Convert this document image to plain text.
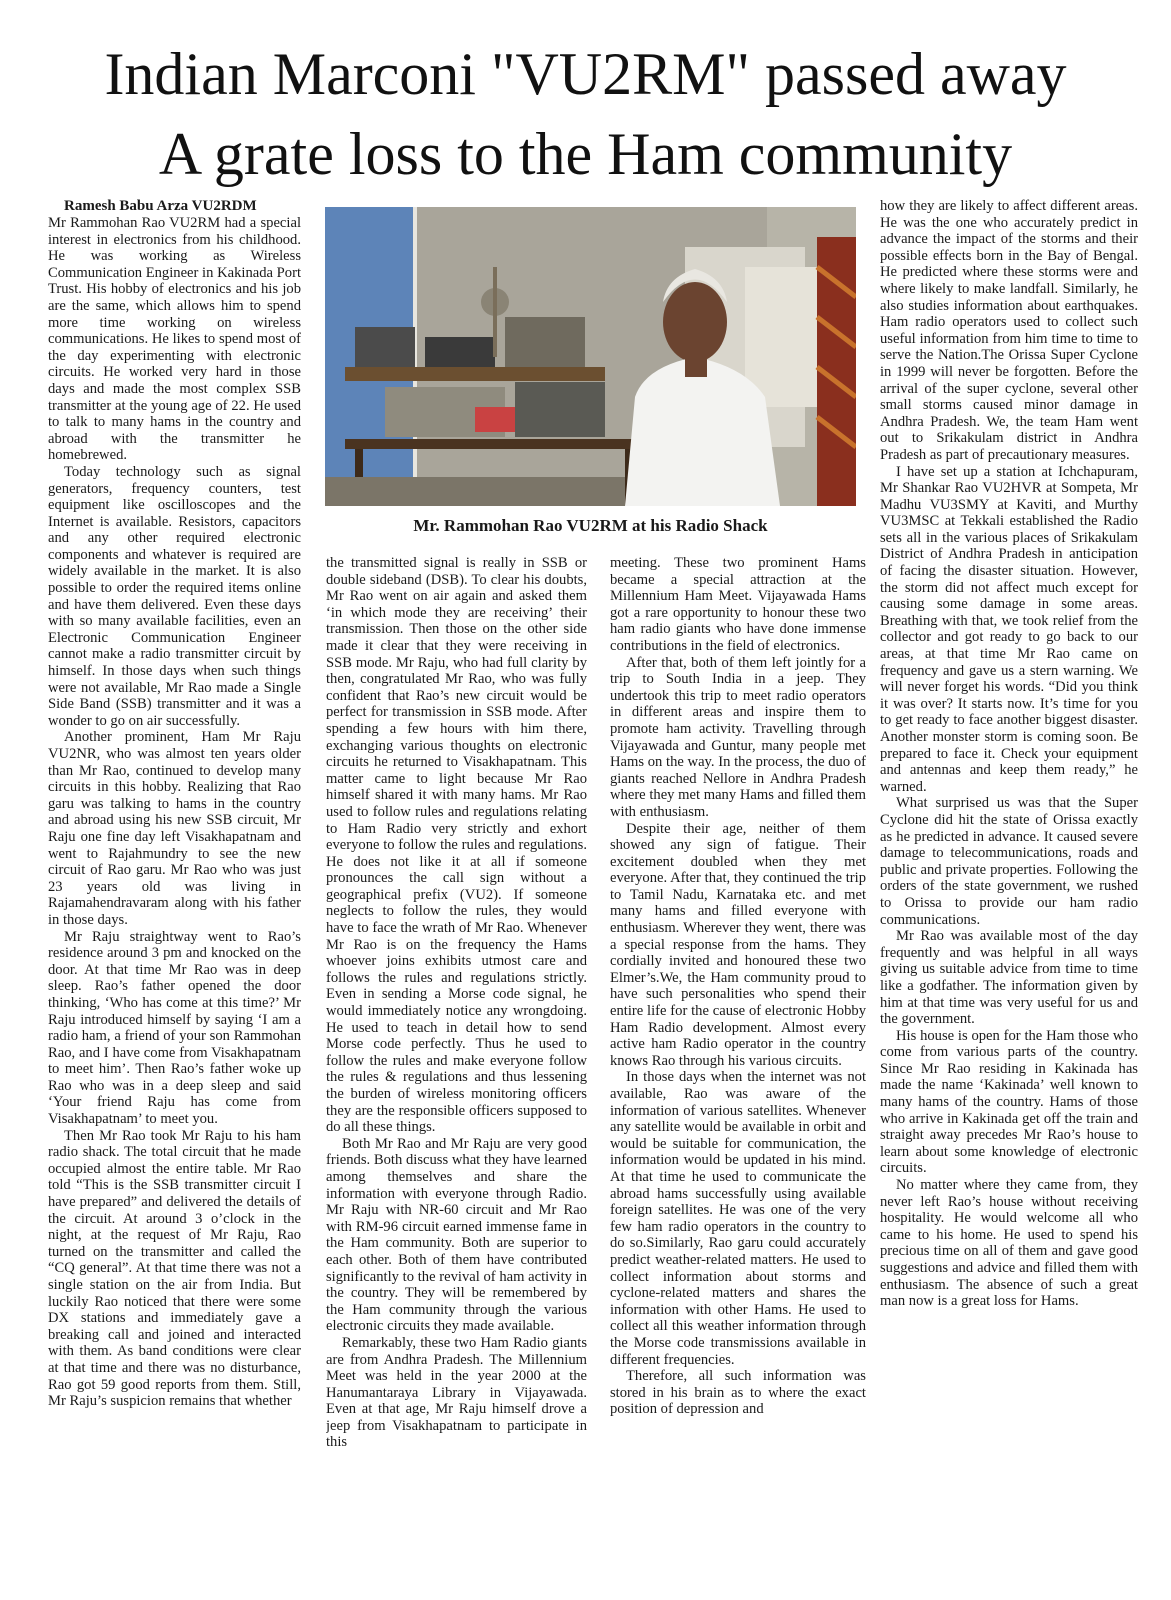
Indian Marconi "VU2RM" passed away
A grate loss to the Ham community

Ramesh Babu Arza VU2RDM

Mr Rammohan Rao VU2RM had a special interest in electronics from his childhood. He was working as Wireless Communication Engineer in Kakinada Port Trust. His hobby of electronics and his job are the same, which allows him to spend more time working on wireless communications. He likes to spend most of the day experimenting with electronic circuits. He worked very hard in those days and made the most complex SSB transmitter at the young age of 22. He used to talk to many hams in the country and abroad with the transmitter he homebrewed.

Today technology such as signal generators, frequency counters, test equipment like oscilloscopes and the Internet is available. Resistors, capacitors and any other required electronic components and whatever is required are widely available in the market. It is also possible to order the required items online and have them delivered. Even these days with so many available facilities, even an Electronic Communication Engineer cannot make a radio transmitter circuit by himself. In those days when such things were not available, Mr Rao made a Single Side Band (SSB) transmitter and it was a wonder to go on air successfully.

Another prominent, Ham Mr Raju VU2NR, who was almost ten years older than Mr Rao, continued to develop many circuits in this hobby. Realizing that Rao garu was talking to hams in the country and abroad using his new SSB circuit, Mr Raju one fine day left Visakhapatnam and went to Rajahmundry to see the new circuit of Rao garu. Mr Rao who was just 23 years old was living in Rajamahendravaram along with his father in those days.

Mr Raju straightway went to Rao’s residence around 3 pm and knocked on the door. At that time Mr Rao was in deep sleep. Rao’s father opened the door thinking, ‘Who has come at this time?’ Mr Raju introduced himself by saying ‘I am a radio ham, a friend of your son Rammohan Rao, and I have come from Visakhapatnam to meet him’. Then Rao’s father woke up Rao who was in a deep sleep and said ‘Your friend Raju has come from Visakhapatnam’ to meet you.

Then Mr Rao took Mr Raju to his ham radio shack. The total circuit that he made occupied almost the entire table. Mr Rao told “This is the SSB transmitter circuit I have prepared” and delivered the details of the circuit. At around 3 o’clock in the night, at the request of Mr Raju, Rao turned on the transmitter and called the “CQ general”. At that time there was not a single station on the air from India. But luckily Rao noticed that there were some DX stations and immediately gave a breaking call and joined and interacted with them. As band conditions were clear at that time and there was no disturbance, Rao got 59 good reports from them. Still, Mr Raju’s suspicion remains that whether

Mr. Rammohan Rao VU2RM at his Radio Shack

the transmitted signal is really in SSB or double sideband (DSB). To clear his doubts, Mr Rao went on air again and asked them ‘in which mode they are receiving’ their transmission. Then those on the other side made it clear that they were receiving in SSB mode. Mr Raju, who had full clarity by then, congratulated Mr Rao, who was fully confident that Rao’s new circuit would be perfect for transmission in SSB mode. After spending a few hours with him there, exchanging various thoughts on electronic circuits he returned to Visakhapatnam. This matter came to light because Mr Rao himself shared it with many hams. Mr Rao used to follow rules and regulations relating to Ham Radio very strictly and exhort everyone to follow the rules and regulations. He does not like it at all if someone pronounces the call sign without a geographical prefix (VU2). If someone neglects to follow the rules, they would have to face the wrath of Mr Rao. Whenever Mr Rao is on the frequency the Hams whoever joins exhibits utmost care and follows the rules and regulations strictly. Even in sending a Morse code signal, he would immediately notice any wrongdoing. He used to teach in detail how to send Morse code perfectly. Thus he used to follow the rules and make everyone follow the rules & regulations and thus lessening the burden of wireless monitoring officers they are the responsible officers supposed to do all these things.

Both Mr Rao and Mr Raju are very good friends. Both discuss what they have learned among themselves and share the information with everyone through Radio. Mr Raju with NR-60 circuit and Mr Rao with RM-96 circuit earned immense fame in the Ham community. Both are superior to each other. Both of them have contributed significantly to the revival of ham activity in the country. They will be remembered by the Ham community through the various electronic circuits they made available.

Remarkably, these two Ham Radio giants are from Andhra Pradesh. The Millennium Meet was held in the year 2000 at the Hanumantaraya Library in Vijayawada. Even at that age, Mr Raju himself drove a jeep from Visakhapatnam to participate in this

meeting. These two prominent Hams became a special attraction at the Millennium Ham Meet. Vijayawada Hams got a rare opportunity to honour these two ham radio giants who have done immense contributions in the field of electronics.

After that, both of them left jointly for a trip to South India in a jeep. They undertook this trip to meet radio operators in different areas and inspire them to promote ham activity. Travelling through Vijayawada and Guntur, many people met Hams on the way. In the process, the duo of giants reached Nellore in Andhra Pradesh where they met many Hams and filled them with enthusiasm.

Despite their age, neither of them showed any sign of fatigue. Their excitement doubled when they met everyone. After that, they continued the trip to Tamil Nadu, Karnataka etc. and met many hams and filled everyone with enthusiasm. Wherever they went, there was a special response from the hams. They cordially invited and honoured these two Elmer’s.We, the Ham community proud to have such personalities who spend their entire life for the cause of electronic Hobby Ham Radio development. Almost every active ham Radio operator in the country knows Rao through his various circuits.

In those days when the internet was not available, Rao was aware of the information of various satellites. Whenever any satellite would be available in orbit and would be suitable for communication, the information would be updated in his mind. At that time he used to communicate the abroad hams successfully using available foreign satellites. He was one of the very few ham radio operators in the country to do so.Similarly, Rao garu could accurately predict weather-related matters. He used to collect information about storms and cyclone-related matters and shares the information with other Hams. He used to collect all this weather information through the Morse code transmissions available in different frequencies.

Therefore, all such information was stored in his brain as to where the exact position of depression and

how they are likely to affect different areas. He was the one who accurately predict in advance the impact of the storms and their possible effects born in the Bay of Bengal. He predicted where these storms were and where likely to make landfall. Similarly, he also studies information about earthquakes. Ham radio operators used to collect such useful information from him time to time to serve the Nation.The Orissa Super Cyclone in 1999 will never be forgotten. Before the arrival of the super cyclone, several other small storms caused minor damage in Andhra Pradesh. We, the team Ham went out to Srikakulam district in Andhra Pradesh as part of precautionary measures.

I have set up a station at Ichchapuram, Mr Shankar Rao VU2HVR at Sompeta, Mr Madhu VU3SMY at Kaviti, and Murthy VU3MSC at Tekkali established the Radio sets all in the various places of Srikakulam District of Andhra Pradesh in anticipation of facing the disaster situation. However, the storm did not affect much except for causing some damage in some areas. Breathing with that, we took relief from the collector and got ready to go back to our areas, at that time Mr Rao came on frequency and gave us a stern warning. We will never forget his words. “Did you think it was over? It starts now. It’s time for you to get ready to face another biggest disaster. Another monster storm is coming soon. Be prepared to face it. Check your equipment and antennas and keep them ready,” he warned.

What surprised us was that the Super Cyclone did hit the state of Orissa exactly as he predicted in advance. It caused severe damage to telecommunications, roads and public and private properties. Following the orders of the state government, we rushed to Orissa to provide our ham radio communications.

Mr Rao was available most of the day frequently and was helpful in all ways giving us suitable advice from time to time like a godfather. The information given by him at that time was very useful for us and the government.

His house is open for the Ham those who come from various parts of the country. Since Mr Rao residing in Kakinada has made the name ‘Kakinada’ well known to many hams of the country. Hams of those who arrive in Kakinada get off the train and straight away precedes Mr Rao’s house to learn about some knowledge of electronic circuits.

No matter where they came from, they never left Rao’s house without receiving hospitality. He would welcome all who came to his home. He used to spend his precious time on all of them and gave good suggestions and advice and filled them with enthusiasm. The absence of such a great man now is a great loss for Hams.
